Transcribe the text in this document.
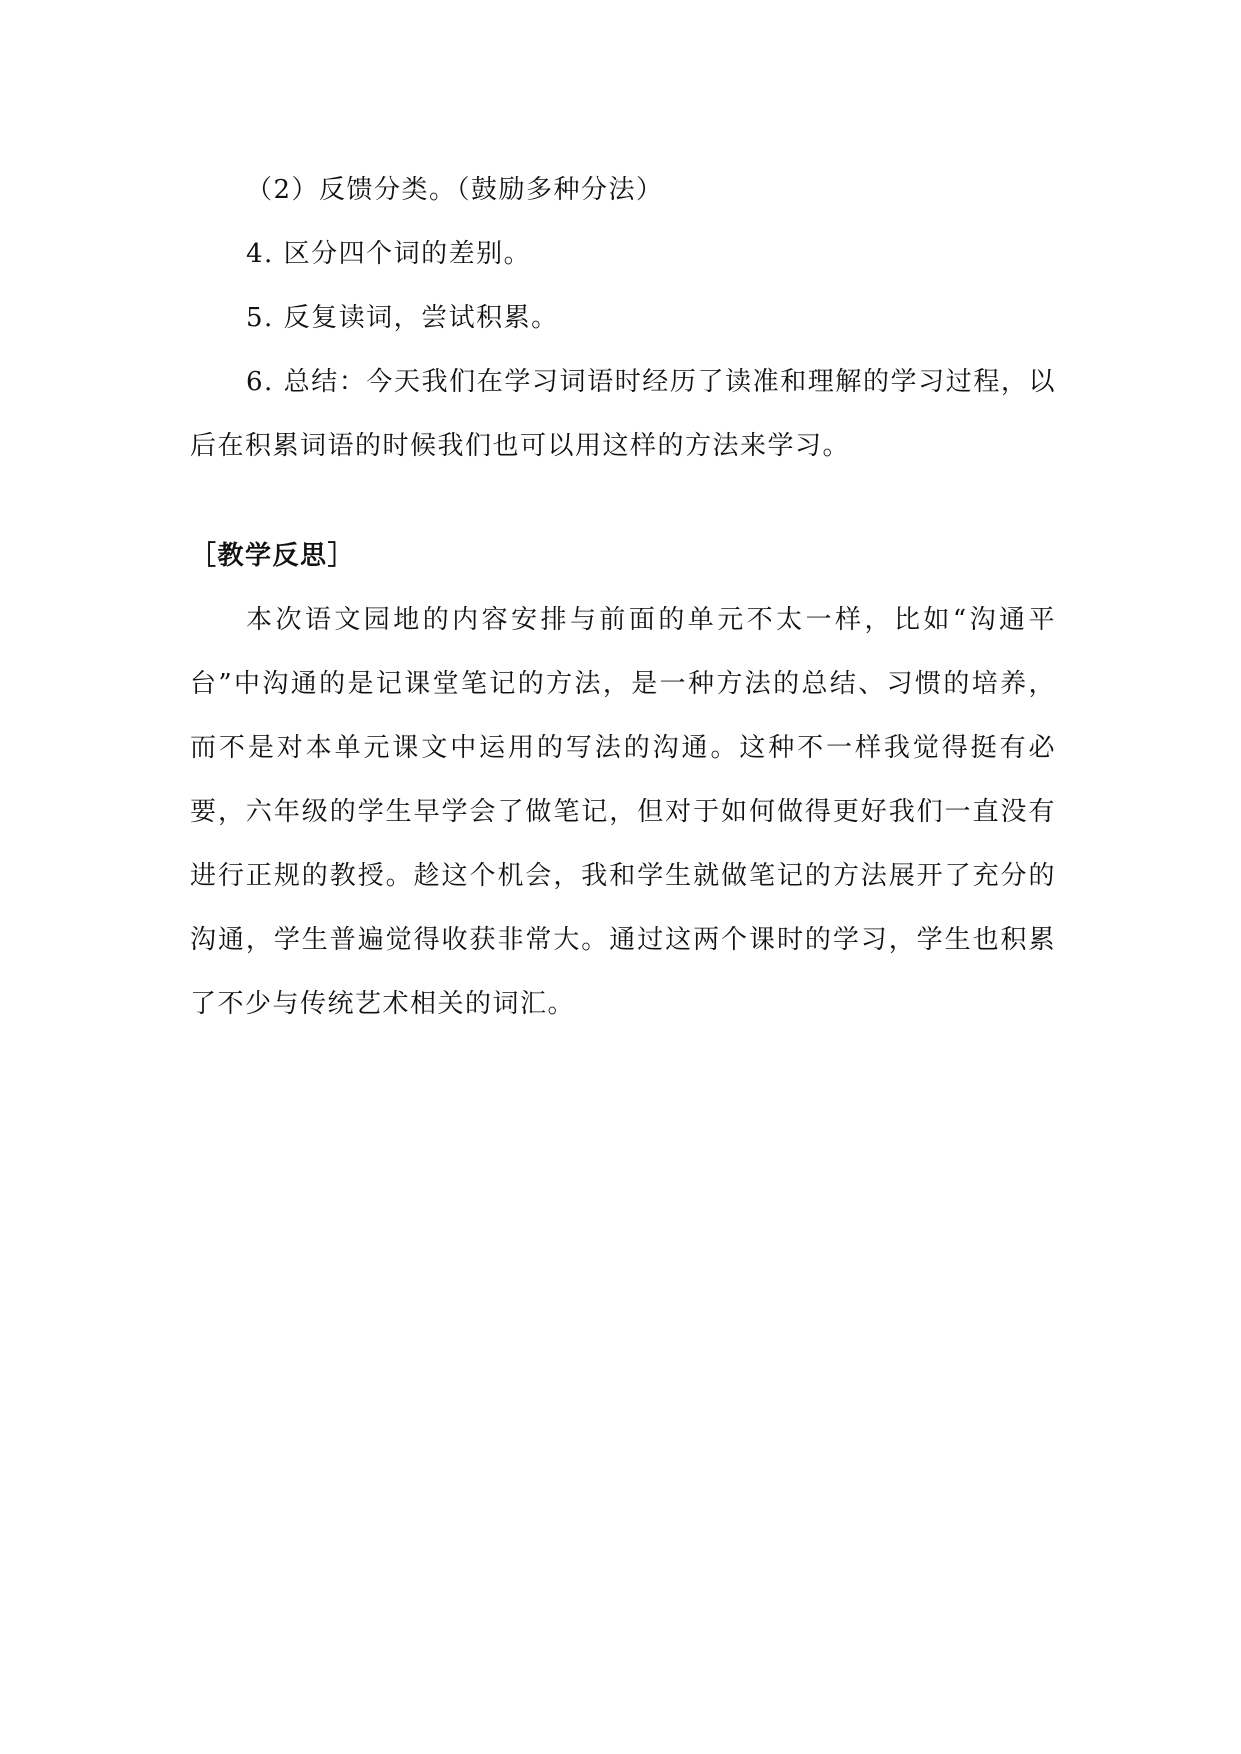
（2）反馈分类。（鼓励多种分法）

4. 区分四个词的差别。

5. 反复读词，尝试积累。

6. 总结：今天我们在学习词语时经历了读准和理解的学习过程，以后在积累词语的时候我们也可以用这样的方法来学习。

［教学反思］

本次语文园地的内容安排与前面的单元不太一样，比如“沟通平台”中沟通的是记课堂笔记的方法，是一种方法的总结、习惯的培养，而不是对本单元课文中运用的写法的沟通。这种不一样我觉得挺有必要，六年级的学生早学会了做笔记，但对于如何做得更好我们一直没有进行正规的教授。趁这个机会，我和学生就做笔记的方法展开了充分的沟通，学生普遍觉得收获非常大。通过这两个课时的学习，学生也积累了不少与传统艺术相关的词汇。
